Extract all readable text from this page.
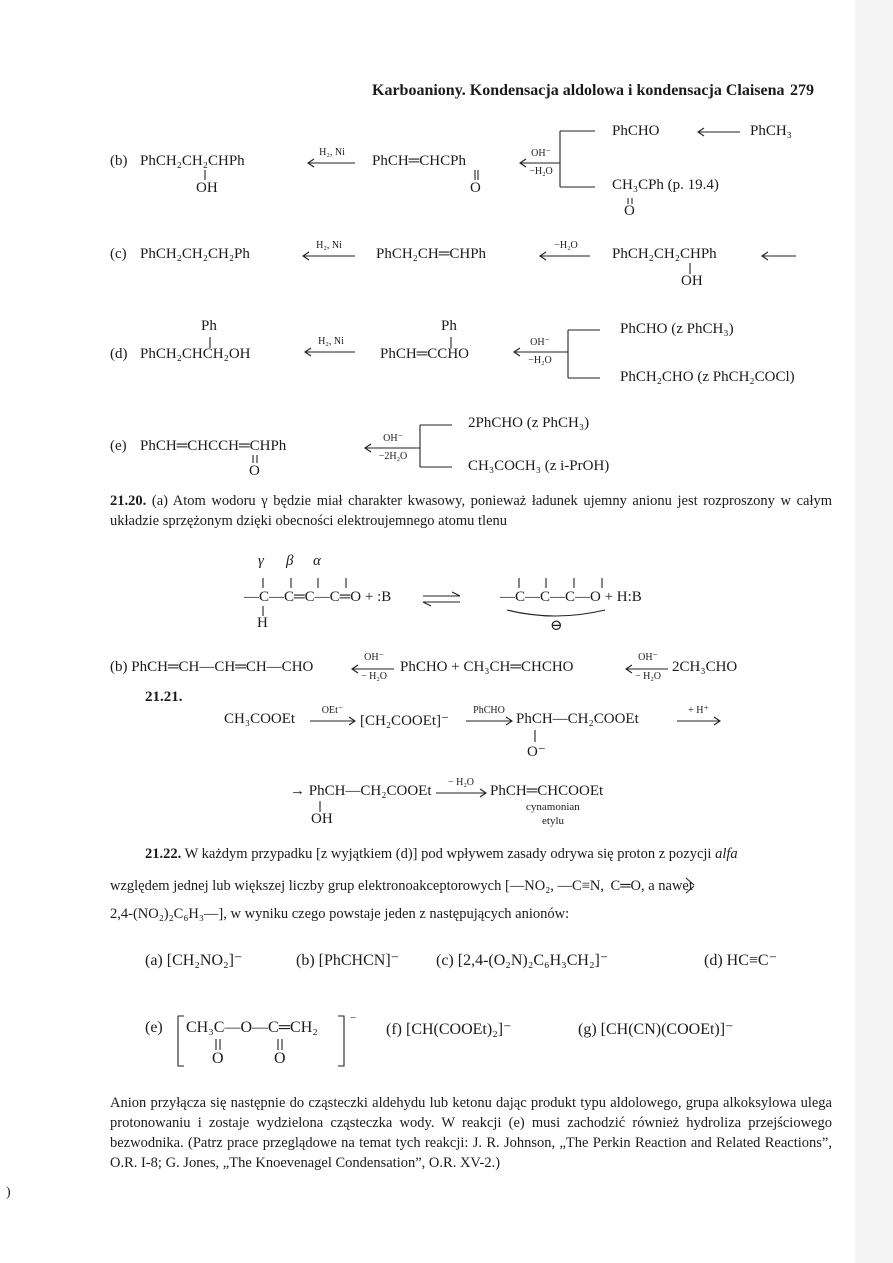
Karboaniony. Kondensacja aldolowa i kondensacja Claisena 279
(b) PhCH₂CH₂CHPh
OH
H₂, Ni
PhCH═CHCPh
O
OH⁻
−H₂O
PhCHO	PhCH₃
CH₃CPh (p. 19.4)
O
(c) PhCH₂CH₂CH₂Ph
H₂, Ni
PhCH₂CH═CHPh
−H₂O
PhCH₂CH₂CHPh
OH
Ph
(d) PhCH₂CHCH₂OH
H₂, Ni
Ph
PhCH═CCHO
OH⁻
−H₂O
PhCHO (z PhCH₃)
PhCH₂CHO (z PhCH₂COCl)
(e) PhCH═CHCCH═CHPh
O
OH⁻
−2H₂O
2PhCHO (z PhCH₃)
CH₃COCH₃ (z i-PrOH)
21.20. (a) Atom wodoru γ będzie miał charakter kwasowy, ponieważ ładunek ujemny anionu jest rozproszony w całym układzie sprzężonym dzięki obecności elektroujemnego atomu tlenu
γ β α
—C—C═C—C═O + :B
H
—C—C—C—O + H:B
⊖
(b) PhCH═CH—CH═CH—CHO
OH⁻
− H₂O
PhCHO + CH₃CH═CHCHO
OH⁻
− H₂O
2CH₃CHO
21.21.
CH₃COOEt
OEt⁻
[CH₂COOEt]⁻
PhCHO
PhCH—CH₂COOEt
O⁻
+ H⁺
→ PhCH—CH₂COOEt
OH
− H₂O
PhCH═CHCOOEt
cynamonian
etylu
21.22. W każdym przypadku [z wyjątkiem (d)] pod wpływem zasady odrywa się proton z pozycji alfa
względem jednej lub większej liczby grup elektronoakceptorowych [—NO₂, —C≡N,  C═O, a nawet
2,4-(NO₂)₂C₆H₃—], w wyniku czego powstaje jeden z następujących anionów:
(a) [CH₂NO₂]⁻	(b) [PhCHCN]⁻ (c) [2,4-(O₂N)₂C₆H₃CH₂]⁻	(d) HC≡C⁻
(e) CH₃C—O—C═CH₂
O	O
−
(f) [CH(COOEt)₂]⁻	(g) [CH(CN)(COOEt)]⁻
Anion przyłącza się następnie do cząsteczki aldehydu lub ketonu dając produkt typu aldolowego, grupa alkoksylowa ulega protonowaniu i zostaje wydzielona cząsteczka wody. W reakcji (e) musi zachodzić również hydroliza przejściowego bezwodnika. (Patrz prace przeglądowe na temat tych reakcji: J. R. Johnson, „The Perkin Reaction and Related Reactions”, O.R. I-8; G. Jones, „The Knoevenagel Condensation”, O.R. XV-2.)
)
